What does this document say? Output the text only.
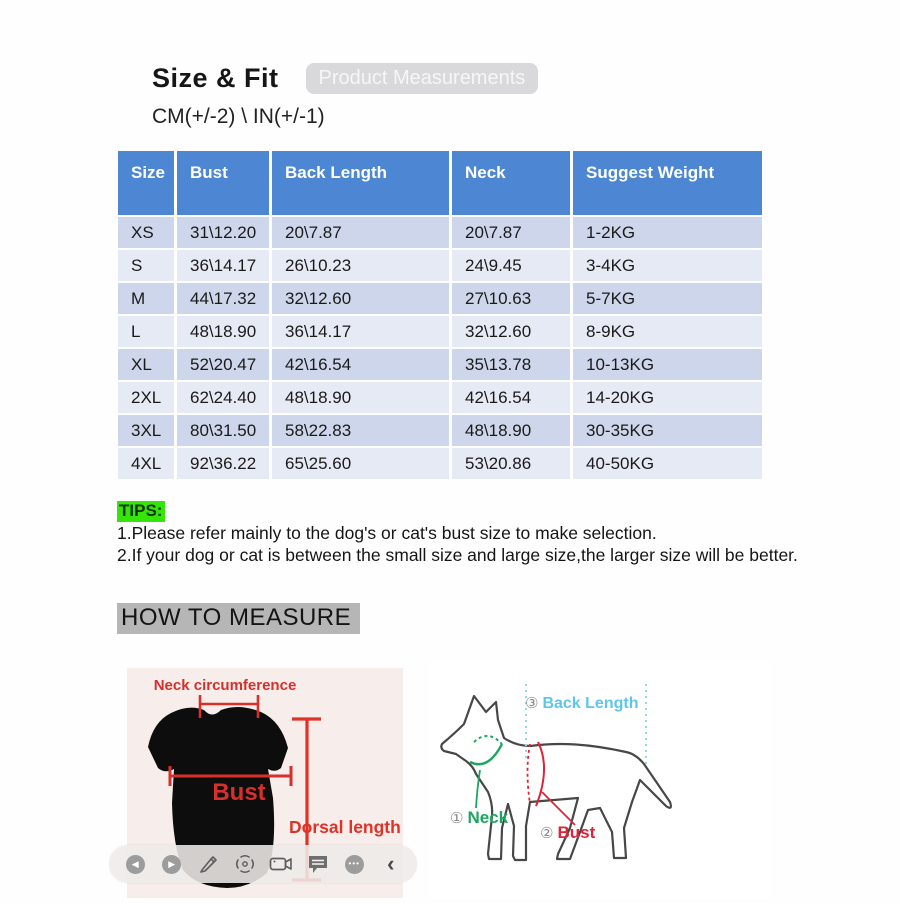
Size & Fit	Product Measurements
CM(+/-2) \ IN(+/-1)
Size	Bust	Back Length	Neck	Suggest Weight
XS	31\12.20	20\7.87	20\7.87	1-2KG
S	36\14.17	26\10.23	24\9.45	3-4KG
M	44\17.32	32\12.60	27\10.63	5-7KG
L	48\18.90	36\14.17	32\12.60	8-9KG
XL	52\20.47	42\16.54	35\13.78	10-13KG
2XL	62\24.40	48\18.90	42\16.54	14-20KG
3XL	80\31.50	58\22.83	48\18.90	30-35KG
4XL	92\36.22	65\25.60	53\20.86	40-50KG
TIPS:
1.Please refer mainly to the dog's or cat's bust size to make selection.
2.If your dog or cat is between the small size and large size,the larger size will be better.
HOW TO MEASURE
Neck circumference
Bust
Dorsal length
③ Back Length
① Neck
② Bust
◀	▶	••• ‹
